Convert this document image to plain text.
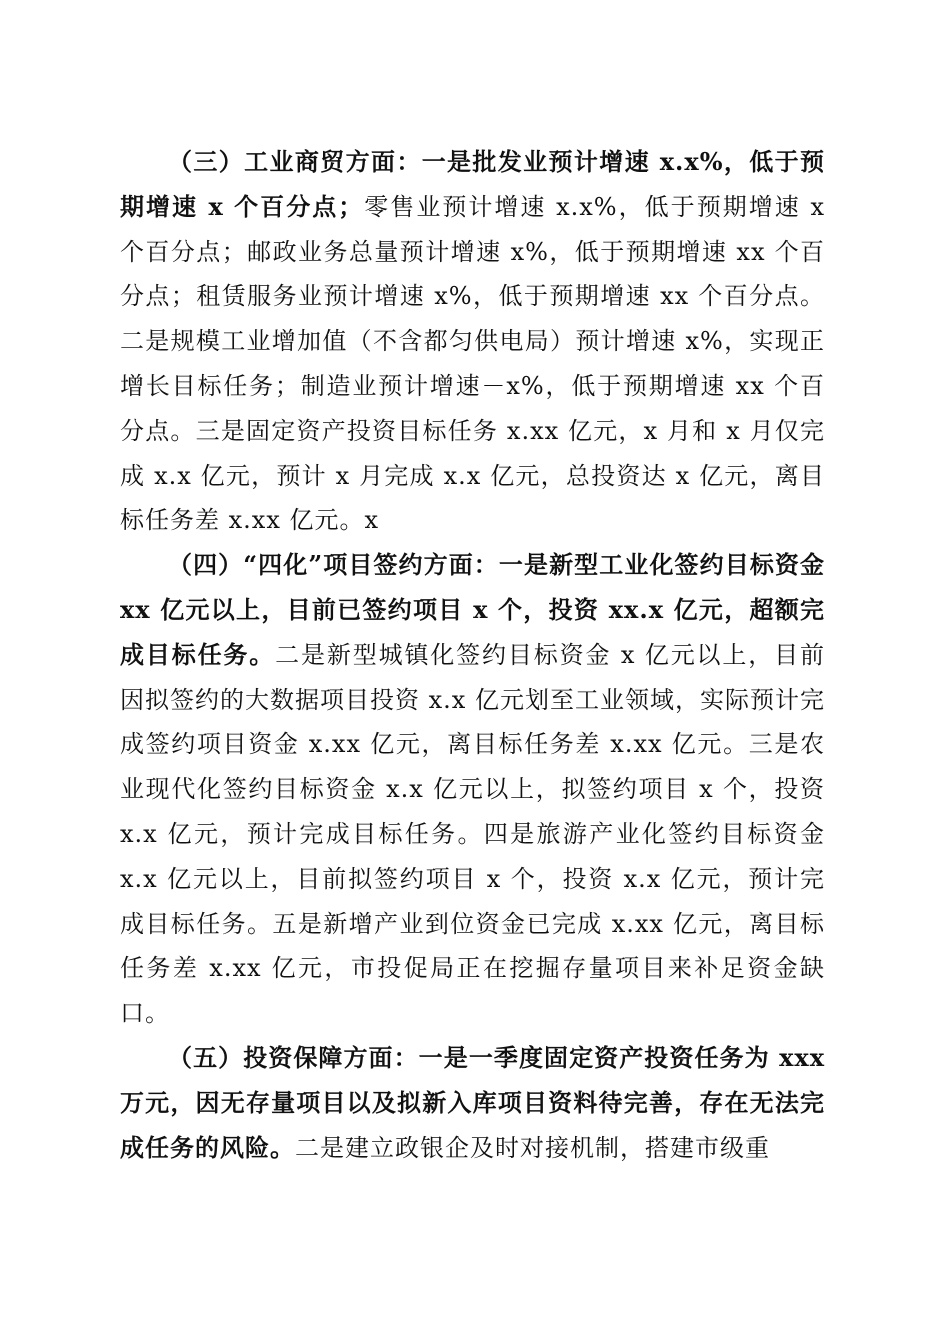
（三）工业商贸方面：一是批发业预计增速 x.x%，低于预期增速 x 个百分点；零售业预计增速 x.x%，低于预期增速 x 个百分点；邮政业务总量预计增速 x%，低于预期增速 xx 个百分点；租赁服务业预计增速 x%，低于预期增速 xx 个百分点。二是规模工业增加值（不含都匀供电局）预计增速 x%，实现正增长目标任务；制造业预计增速－x%，低于预期增速 xx 个百分点。三是固定资产投资目标任务 x.xx 亿元，x 月和 x 月仅完成 x.x 亿元，预计 x 月完成 x.x 亿元，总投资达 x 亿元，离目标任务差 x.xx 亿元。x

（四）“四化”项目签约方面：一是新型工业化签约目标资金 xx 亿元以上，目前已签约项目 x 个，投资 xx.x 亿元，超额完成目标任务。二是新型城镇化签约目标资金 x 亿元以上，目前因拟签约的大数据项目投资 x.x 亿元划至工业领域，实际预计完成签约项目资金 x.xx 亿元，离目标任务差 x.xx 亿元。三是农业现代化签约目标资金 x.x 亿元以上，拟签约项目 x 个，投资 x.x 亿元，预计完成目标任务。四是旅游产业化签约目标资金 x.x 亿元以上，目前拟签约项目 x 个，投资 x.x 亿元，预计完成目标任务。五是新增产业到位资金已完成 x.xx 亿元，离目标任务差 x.xx 亿元，市投促局正在挖掘存量项目来补足资金缺口。

（五）投资保障方面：一是一季度固定资产投资任务为 xxx 万元，因无存量项目以及拟新入库项目资料待完善，存在无法完成任务的风险。二是建立政银企及时对接机制，搭建市级重
